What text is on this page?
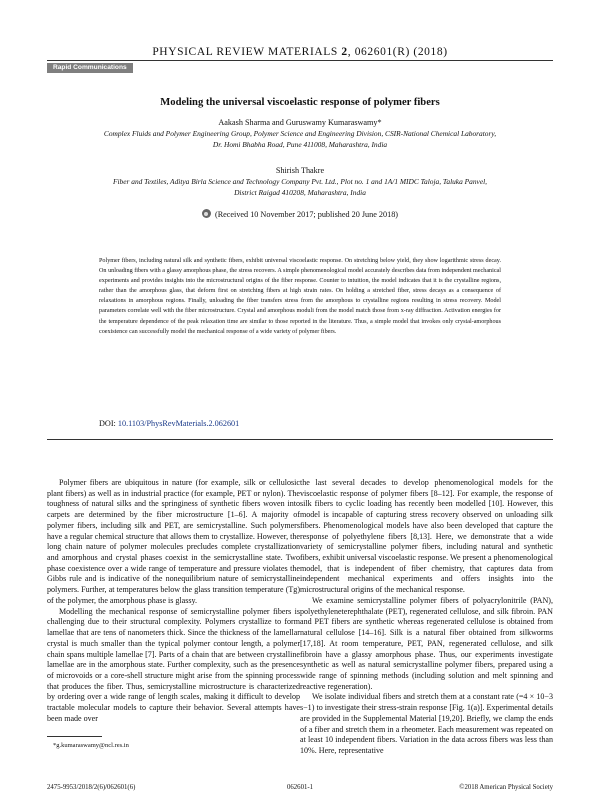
PHYSICAL REVIEW MATERIALS 2, 062601(R) (2018)
Rapid Communications
Modeling the universal viscoelastic response of polymer fibers
Aakash Sharma and Guruswamy Kumaraswamy*
Complex Fluids and Polymer Engineering Group, Polymer Science and Engineering Division, CSIR-National Chemical Laboratory,
Dr. Homi Bhabha Road, Pune 411008, Maharashtra, India
Shirish Thakre
Fiber and Textiles, Aditya Birla Science and Technology Company Pvt. Ltd., Plot no. 1 and 1A/1 MIDC Taloja, Taluka Panvel,
District Raigad 410208, Maharashtra, India
(Received 10 November 2017; published 20 June 2018)
Polymer fibers, including natural silk and synthetic fibers, exhibit universal viscoelastic response. On stretching below yield, they show logarithmic stress decay. On unloading fibers with a glassy amorphous phase, the stress recovers. A simple phenomenological model accurately describes data from independent mechanical experiments and provides insights into the microstructural origins of the fiber response. Counter to intuition, the model indicates that it is the crystalline regions, rather than the amorphous glass, that deform first on stretching fibers at high strain rates. On holding a stretched fiber, stress decays as a consequence of relaxations in amorphous regions. Finally, unloading the fiber transfers stress from the amorphous to crystalline regions resulting in stress recovery. Model parameters correlate well with the fiber microstructure. Crystal and amorphous moduli from the model match those from x-ray diffraction. Activation energies for the temperature dependence of the peak relaxation time are similar to those reported in the literature. Thus, a simple model that invokes only crystal-amorphous coexistence can successfully model the mechanical response of a wide variety of polymer fibers.
DOI: 10.1103/PhysRevMaterials.2.062601

Polymer fibers are ubiquitous in nature (for example, silk or cellulosic plant fibers) as well as in industrial practice (for example, PET or nylon). The toughness of natural silks and the springiness of synthetic fibers woven into carpets are determined by the fiber microstructure [1–6]. A majority of polymer fibers, including silk and PET, are semicrystalline. Such polymers have a regular chemical structure that allows them to crystallize. However, the long chain nature of polymer molecules precludes complete crystallization and amorphous and crystal phases coexist in the semicrystalline state. Two phase coexistence over a wide range of temperature and pressure violates the Gibbs rule and is indicative of the nonequilibrium nature of semicrystalline polymers. Further, at temperatures below the glass transition temperature (Tg) of the polymer, the amorphous phase is glassy.

Modelling the mechanical response of semicrystalline polymer fibers is challenging due to their structural complexity. Polymers crystallize to form lamellae that are tens of nanometers thick. Since the thickness of the lamellar crystal is much smaller than the typical polymer contour length, a polymer chain spans multiple lamellae [7]. Parts of a chain that are between crystalline lamellae are in the amorphous state. Further complexity, such as the presence of microvoids or a core-shell structure might arise from the spinning process that produces the fiber. Thus, semicrystalline microstructure is characterized by ordering over a wide range of length scales, making it difficult to develop tractable molecular models to capture their behavior. Several attempts have been made over

the last several decades to develop phenomenological models for the viscoelastic response of polymer fibers [8–12]. For example, the response of silk fibers to cyclic loading has recently been modelled [10]. However, this model is incapable of capturing stress recovery observed on unloading silk fibers. Phenomenological models have also been developed that capture the response of polyethylene fibers [8,13]. Here, we demonstrate that a wide variety of semicrystalline polymer fibers, including natural and synthetic fibers, exhibit universal viscoelastic response. We present a phenomenological model, that is independent of fiber chemistry, that captures data from independent mechanical experiments and offers insights into the microstructural origins of the mechanical response.

We examine semicrystalline polymer fibers of polyacrylonitrile (PAN), polyethyleneterephthalate (PET), regenerated cellulose, and silk fibroin. PAN and PET fibers are synthetic whereas regenerated cellulose is obtained from natural cellulose [14–16]. Silk is a natural fiber obtained from silkworms [17,18]. At room temperature, PET, PAN, regenerated cellulose, and silk fibroin have a glassy amorphous phase. Thus, our experiments investigate synthetic as well as natural semicrystalline polymer fibers, prepared using a wide range of spinning methods (including solution and melt spinning and reactive regeneration).

We isolate individual fibers and stretch them at a constant rate (=4 × 10−3 s−1) to investigate their stress-strain response [Fig. 1(a)]. Experimental details are provided in the Supplemental Material [19,20]. Briefly, we clamp the ends of a fiber and stretch them in a rheometer. Each measurement was repeated on at least 10 independent fibers. Variation in the data across fibers was less than 10%. Here, representative

*g.kumaraswamy@ncl.res.in
2475-9953/2018/2(6)/062601(6)	062601-1	©2018 American Physical Society
